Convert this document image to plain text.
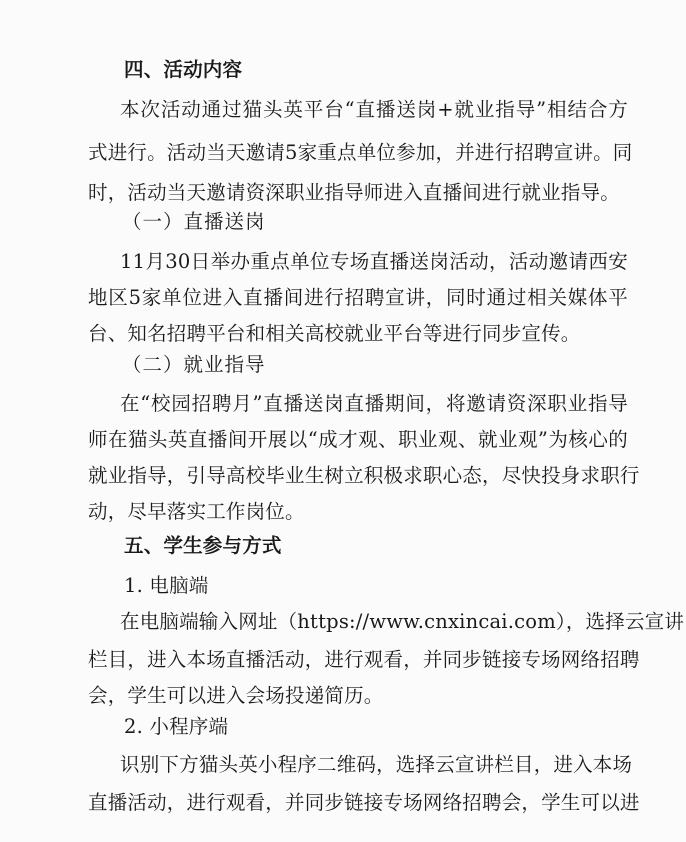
四、活动内容
本次活动通过猫头英平台“直播送岗+就业指导”相结合方
式进行。活动当天邀请5家重点单位参加，并进行招聘宣讲。同
时，活动当天邀请资深职业指导师进入直播间进行就业指导。
（一）直播送岗
11月30日举办重点单位专场直播送岗活动，活动邀请西安
地区5家单位进入直播间进行招聘宣讲，同时通过相关媒体平
台、知名招聘平台和相关高校就业平台等进行同步宣传。
（二）就业指导
在“校园招聘月”直播送岗直播期间，将邀请资深职业指导
师在猫头英直播间开展以“成才观、职业观、就业观”为核心的
就业指导，引导高校毕业生树立积极求职心态，尽快投身求职行
动，尽早落实工作岗位。
五、学生参与方式
1. 电脑端
在电脑端输入网址（https://www.cnxincai.com），选择云宣讲
栏目，进入本场直播活动，进行观看，并同步链接专场网络招聘
会，学生可以进入会场投递简历。
2. 小程序端
识别下方猫头英小程序二维码，选择云宣讲栏目，进入本场
直播活动，进行观看，并同步链接专场网络招聘会，学生可以进
